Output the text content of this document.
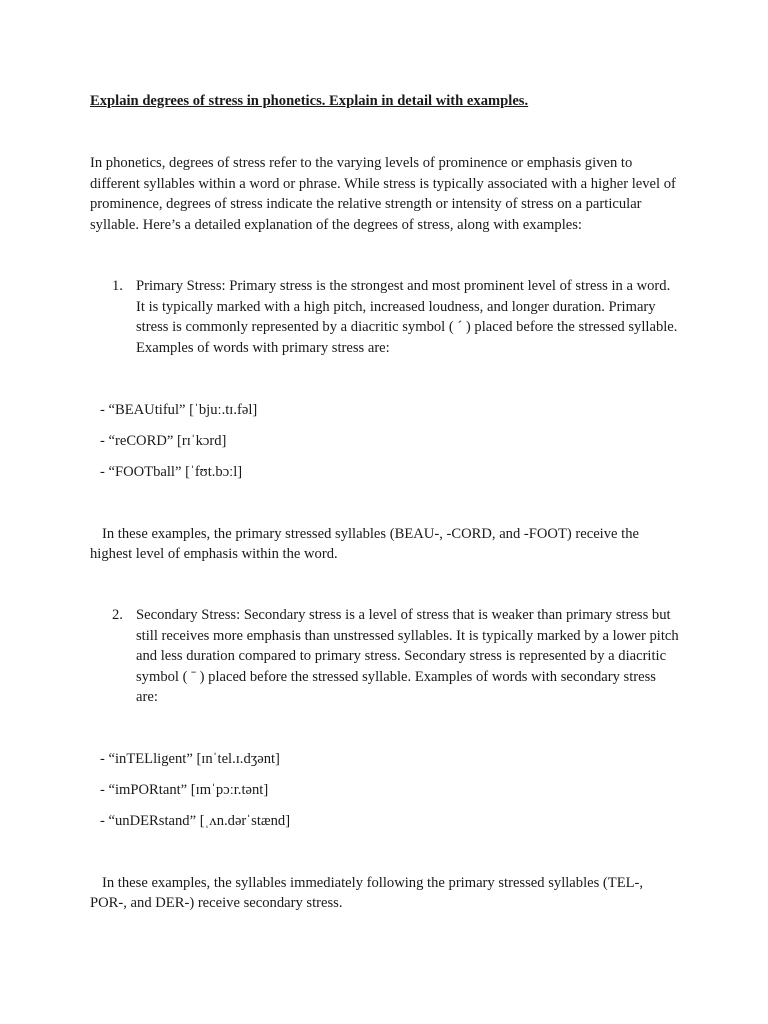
Explain degrees of stress in phonetics. Explain in detail with examples.

In phonetics, degrees of stress refer to the varying levels of prominence or emphasis given to different syllables within a word or phrase. While stress is typically associated with a higher level of prominence, degrees of stress indicate the relative strength or intensity of stress on a particular syllable. Here’s a detailed explanation of the degrees of stress, along with examples:

1. Primary Stress: Primary stress is the strongest and most prominent level of stress in a word. It is typically marked with a high pitch, increased loudness, and longer duration. Primary stress is commonly represented by a diacritic symbol ( ˊ ) placed before the stressed syllable. Examples of words with primary stress are:
- “BEAUtiful” [ˈbjuː.tɪ.fəl]
- “reCORD” [rɪˈkɔrd]
- “FOOTball” [ˈfʊt.bɔːl]

In these examples, the primary stressed syllables (BEAU-, -CORD, and -FOOT) receive the highest level of emphasis within the word.

2. Secondary Stress: Secondary stress is a level of stress that is weaker than primary stress but still receives more emphasis than unstressed syllables. It is typically marked by a lower pitch and less duration compared to primary stress. Secondary stress is represented by a diacritic symbol ( ˉ ) placed before the stressed syllable. Examples of words with secondary stress are:
- “inTELligent” [ɪnˈtel.ɪ.dʒənt]
- “imPORtant” [ɪmˈpɔːr.tənt]
- “unDERstand” [ˌʌn.dərˈstænd]

In these examples, the syllables immediately following the primary stressed syllables (TEL-, POR-, and DER-) receive secondary stress.
